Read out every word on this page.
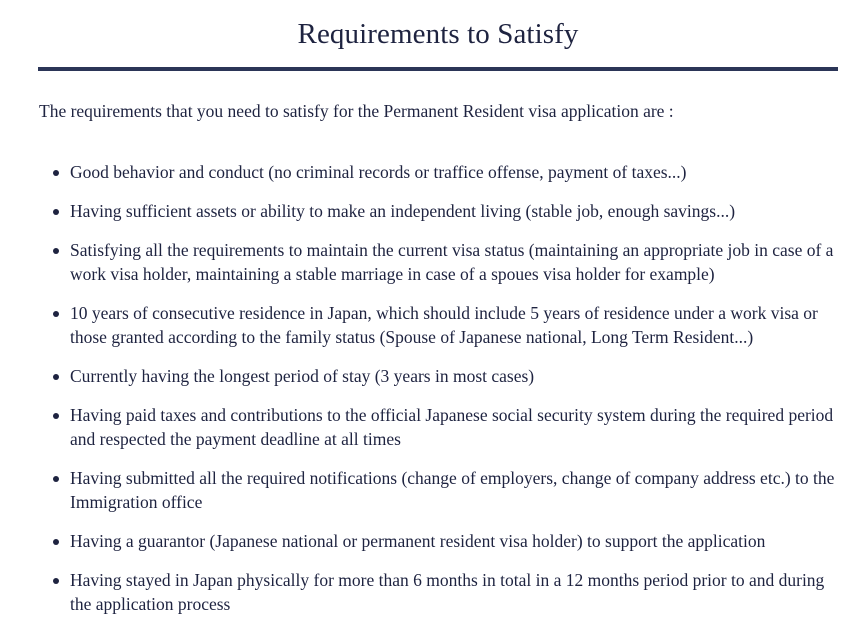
Requirements to Satisfy

The requirements that you need to satisfy for the Permanent Resident visa application are :

Good behavior and conduct (no criminal records or traffice offense, payment of taxes...)
Having sufficient assets or ability to make an independent living (stable job, enough savings...)
Satisfying all the requirements to maintain the current visa status (maintaining an appropriate job in case of a work visa holder, maintaining a stable marriage in case of a spoues visa holder for example)
10 years of consecutive residence in Japan, which should include 5 years of residence under a work visa or those granted according to the family status (Spouse of Japanese national, Long Term Resident...)
Currently having the longest period of stay (3 years in most cases)
Having paid taxes and contributions to the official Japanese social security system during the required period and respected the payment deadline at all times
Having submitted all the required notifications (change of employers, change of company address etc.) to the Immigration office
Having a guarantor (Japanese national or permanent resident visa holder) to support the application
Having stayed in Japan physically for more than 6 months in total in a 12 months period prior to and during the application process
